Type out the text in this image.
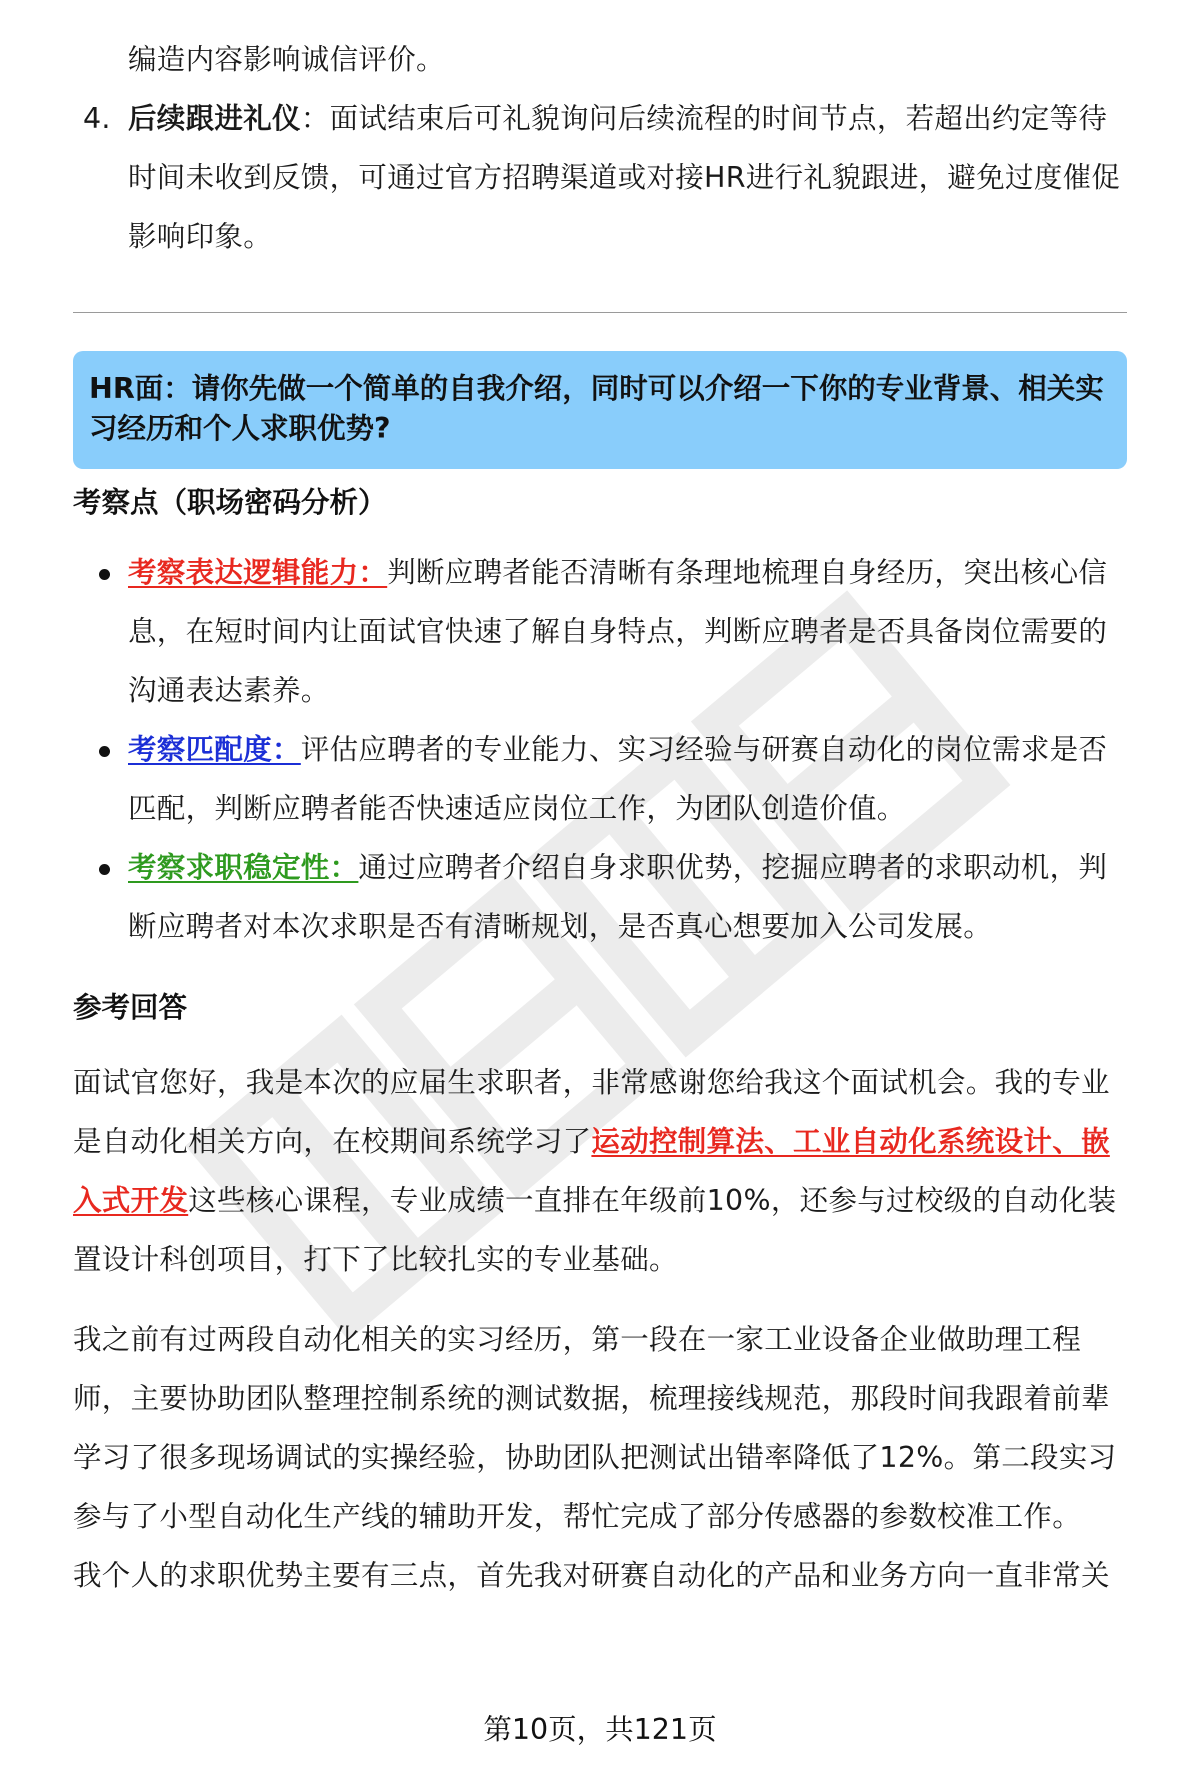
编造内容影响诚信评价。
4. 后续跟进礼仪：面试结束后可礼貌询问后续流程的时间节点，若超出约定等待时间未收到反馈，可通过官方招聘渠道或对接HR进行礼貌跟进，避免过度催促影响印象。
HR面：请你先做一个简单的自我介绍，同时可以介绍一下你的专业背景、相关实习经历和个人求职优势?
考察点（职场密码分析）
考察表达逻辑能力：判断应聘者能否清晰有条理地梳理自身经历，突出核心信息，在短时间内让面试官快速了解自身特点，判断应聘者是否具备岗位需要的沟通表达素养。
考察匹配度：评估应聘者的专业能力、实习经验与研赛自动化的岗位需求是否匹配，判断应聘者能否快速适应岗位工作，为团队创造价值。
考察求职稳定性：通过应聘者介绍自身求职优势，挖掘应聘者的求职动机，判断应聘者对本次求职是否有清晰规划，是否真心想要加入公司发展。
参考回答
面试官您好，我是本次的应届生求职者，非常感谢您给我这个面试机会。我的专业是自动化相关方向，在校期间系统学习了运动控制算法、工业自动化系统设计、嵌入式开发这些核心课程，专业成绩一直排在年级前10%，还参与过校级的自动化装置设计科创项目，打下了比较扎实的专业基础。
我之前有过两段自动化相关的实习经历，第一段在一家工业设备企业做助理工程师，主要协助团队整理控制系统的测试数据，梳理接线规范，那段时间我跟着前辈学习了很多现场调试的实操经验，协助团队把测试出错率降低了12%。第二段实习参与了小型自动化生产线的辅助开发，帮忙完成了部分传感器的参数校准工作。
我个人的求职优势主要有三点，首先我对研赛自动化的产品和业务方向一直非常关
第10页，共121页
